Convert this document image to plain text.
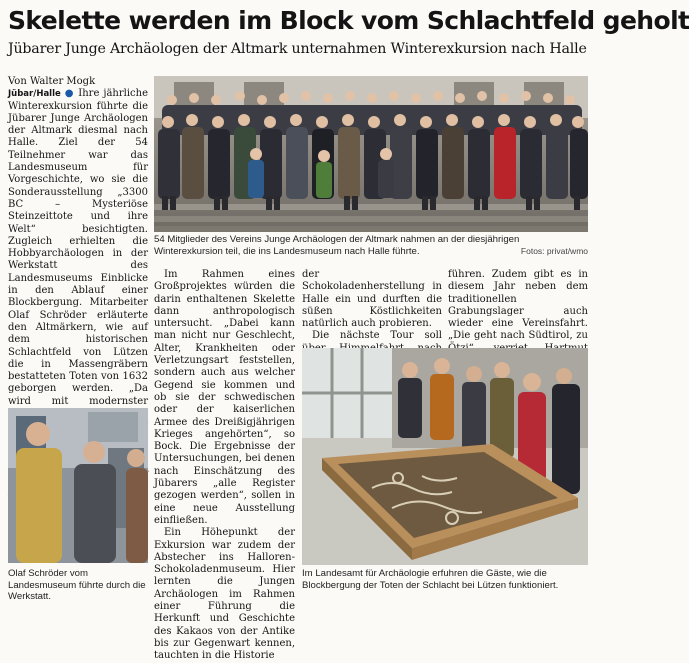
Skelette werden im Block vom Schlachtfeld geholt
Jübarer Junge Archäologen der Altmark unternahmen Winterexkursion nach Halle
Von Walter Mogk

Jübar/Halle ● Ihre jährliche Winterexkursion führte die Jübarer Junge Archäologen der Altmark diesmal nach Halle. Ziel der 54 Teilnehmer war das Landesmuseum für Vorgeschichte, wo sie die Sonderausstellung „3300 BC – Mysteriöse Steinzeittote und ihre Welt“ besichtigten. Zugleich erhielten die Hobbyarchäologen in der Werkstatt des Landesmuseums Einblicke in den Ablauf einer Blockbergung. Mitarbeiter Olaf Schröder erläuterte den Altmärkern, wie auf dem historischen Schlachtfeld von Lützen die in Massengräbern bestatteten Toten von 1632 geborgen werden. „Da wird mit modernster

54 Mitglieder des Vereins Junge Archäologen der Altmark nahmen an der diesjährigen Winterexkursion teil, die ins Landesmuseum nach Halle führte.	Fotos: privat/wmo

Im Rahmen eines Großprojektes würden die darin enthaltenen Skelette dann anthropologisch untersucht. „Dabei kann man nicht nur Geschlecht, Alter, Krankheiten oder Verletzungsart feststellen, sondern auch aus welcher Gegend sie kommen und ob sie der schwedischen oder der kaiserlichen Armee des Dreißigjährigen Krieges angehörten“, so Bock. Die Ergebnisse der Untersuchungen, bei denen nach Einschätzung des Jübarers „alle Register gezogen werden“, sollen in eine neue Ausstellung einfließen.

Ein Höhepunkt der Exkursion war zudem der Abstecher ins Halloren-Schokoladenmuseum. Hier lernten die Jungen Archäologen im Rahmen einer Führung die Herkunft und Geschichte des Kakaos von der Antike bis zur Gegenwart kennen, tauchten in die Historie

der Schokoladenherstellung in Halle ein und durften die süßen Köstlichkeiten natürlich auch probieren.

Die nächste Tour soll

führen. Zudem gibt es in diesem Jahr neben dem traditionellen Grabungslager auch wieder eine Vereinsfahrt. „Die geht nach Südtirol, zu

Olaf Schröder vom Landesmuseum führte durch die Werkstatt.
Im Landesamt für Archäologie erfuhren die Gäste, wie die Blockbergung der Toten der Schlacht bei Lützen funktioniert.
